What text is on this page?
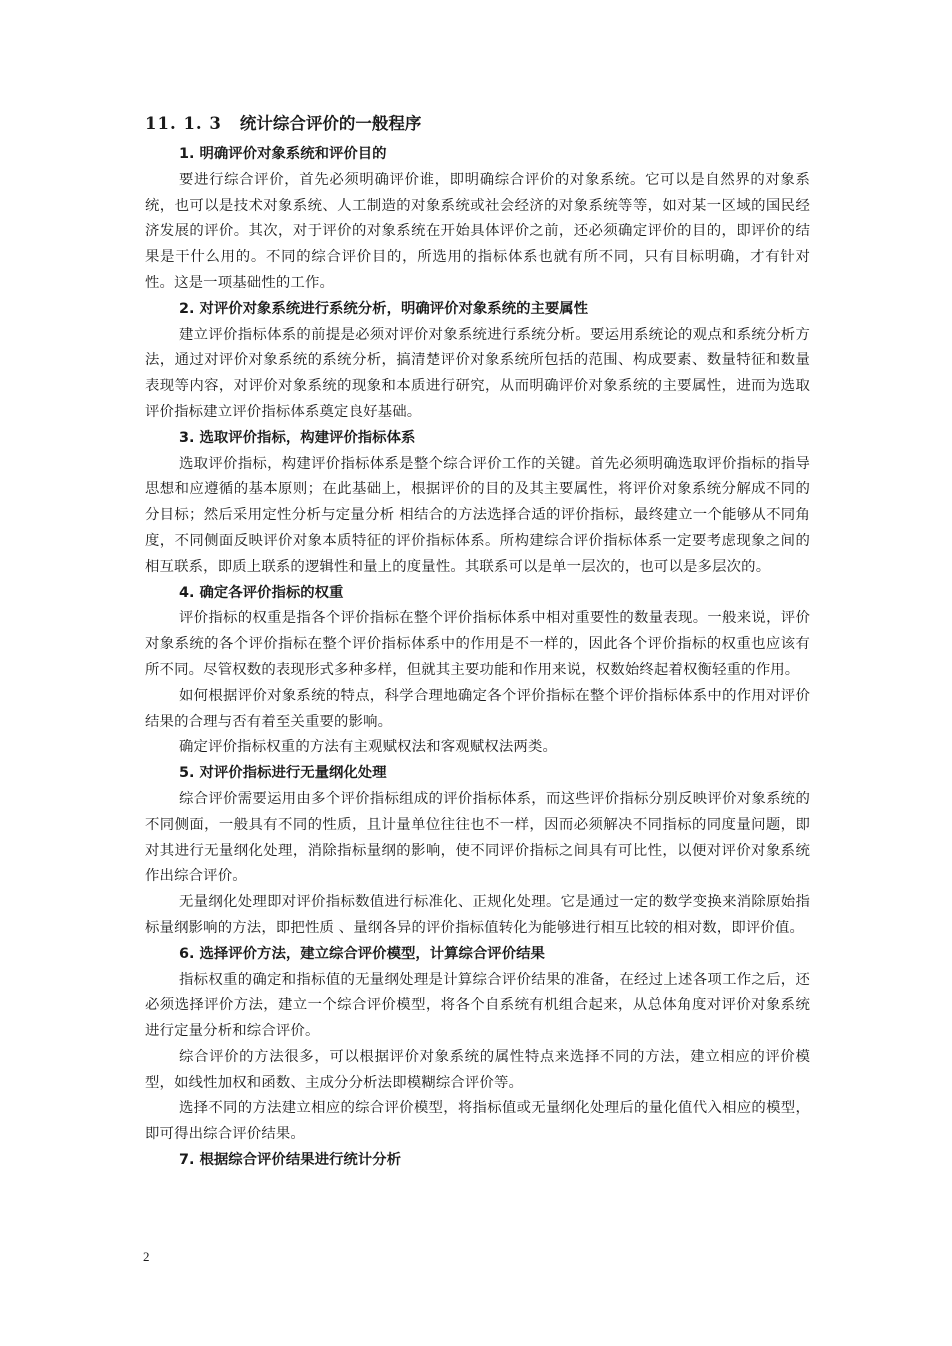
11. 1. 3 统计综合评价的一般程序

1. 明确评价对象系统和评价目的

要进行综合评价，首先必须明确评价谁，即明确综合评价的对象系统。它可以是自然界的对象系统，也可以是技术对象系统、人工制造的对象系统或社会经济的对象系统等等，如对某一区域的国民经济发展的评价。其次，对于评价的对象系统在开始具体评价之前，还必须确定评价的目的，即评价的结果是干什么用的。不同的综合评价目的，所选用的指标体系也就有所不同，只有目标明确，才有针对性。这是一项基础性的工作。

2. 对评价对象系统进行系统分析，明确评价对象系统的主要属性

建立评价指标体系的前提是必须对评价对象系统进行系统分析。要运用系统论的观点和系统分析方法，通过对评价对象系统的系统分析，搞清楚评价对象系统所包括的范围、构成要素、数量特征和数量表现等内容，对评价对象系统的现象和本质进行研究，从而明确评价对象系统的主要属性，进而为选取评价指标建立评价指标体系奠定良好基础。

3. 选取评价指标，构建评价指标体系

选取评价指标，构建评价指标体系是整个综合评价工作的关键。首先必须明确选取评价指标的指导思想和应遵循的基本原则；在此基础上，根据评价的目的及其主要属性，将评价对象系统分解成不同的分目标；然后采用定性分析与定量分析 相结合的方法选择合适的评价指标，最终建立一个能够从不同角度，不同侧面反映评价对象本质特征的评价指标体系。所构建综合评价指标体系一定要考虑现象之间的相互联系，即质上联系的逻辑性和量上的度量性。其联系可以是单一层次的，也可以是多层次的。

4. 确定各评价指标的权重

评价指标的权重是指各个评价指标在整个评价指标体系中相对重要性的数量表现。一般来说，评价对象系统的各个评价指标在整个评价指标体系中的作用是不一样的，因此各个评价指标的权重也应该有所不同。尽管权数的表现形式多种多样，但就其主要功能和作用来说，权数始终起着权衡轻重的作用。

如何根据评价对象系统的特点，科学合理地确定各个评价指标在整个评价指标体系中的作用对评价结果的合理与否有着至关重要的影响。

确定评价指标权重的方法有主观赋权法和客观赋权法两类。

5. 对评价指标进行无量纲化处理

综合评价需要运用由多个评价指标组成的评价指标体系，而这些评价指标分别反映评价对象系统的不同侧面，一般具有不同的性质，且计量单位往往也不一样，因而必须解决不同指标的同度量问题，即对其进行无量纲化处理，消除指标量纲的影响，使不同评价指标之间具有可比性，以便对评价对象系统作出综合评价。

无量纲化处理即对评价指标数值进行标准化、正规化处理。它是通过一定的数学变换来消除原始指标量纲影响的方法，即把性质 、量纲各异的评价指标值转化为能够进行相互比较的相对数，即评价值。

6. 选择评价方法，建立综合评价模型，计算综合评价结果

指标权重的确定和指标值的无量纲处理是计算综合评价结果的准备，在经过上述各项工作之后，还必须选择评价方法，建立一个综合评价模型，将各个自系统有机组合起来，从总体角度对评价对象系统进行定量分析和综合评价。

综合评价的方法很多，可以根据评价对象系统的属性特点来选择不同的方法，建立相应的评价模型，如线性加权和函数、主成分分析法即模糊综合评价等。

选择不同的方法建立相应的综合评价模型，将指标值或无量纲化处理后的量化值代入相应的模型，即可得出综合评价结果。

7. 根据综合评价结果进行统计分析

2
